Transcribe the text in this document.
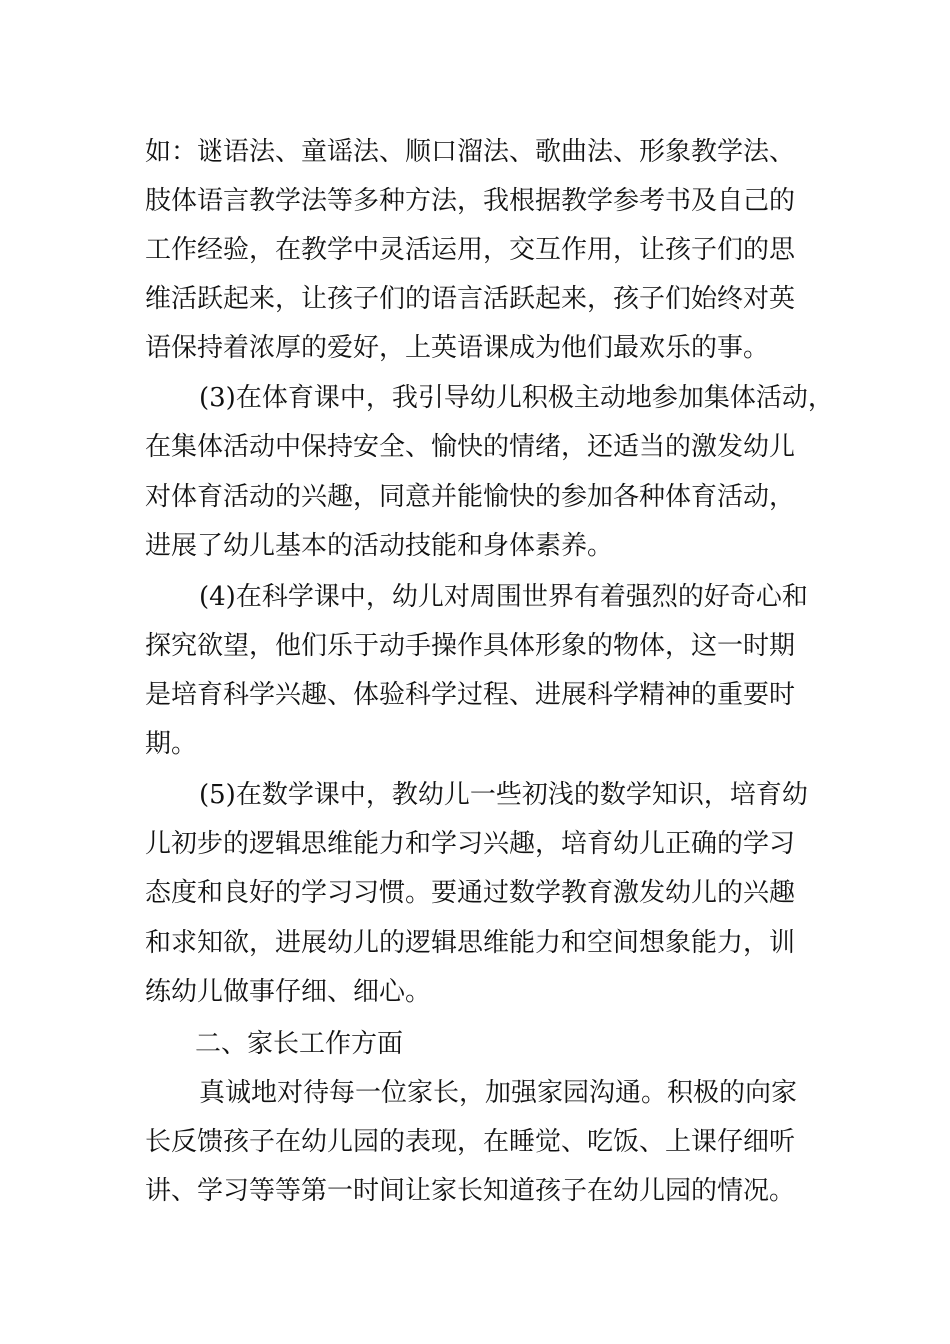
如：谜语法、童谣法、顺口溜法、歌曲法、形象教学法、
肢体语言教学法等多种方法，我根据教学参考书及自己的
工作经验，在教学中灵活运用，交互作用，让孩子们的思
维活跃起来，让孩子们的语言活跃起来，孩子们始终对英
语保持着浓厚的爱好，上英语课成为他们最欢乐的事。
(3)在体育课中，我引导幼儿积极主动地参加集体活动，
在集体活动中保持安全、愉快的情绪，还适当的激发幼儿
对体育活动的兴趣，同意并能愉快的参加各种体育活动，
进展了幼儿基本的活动技能和身体素养。
(4)在科学课中，幼儿对周围世界有着强烈的好奇心和
探究欲望，他们乐于动手操作具体形象的物体，这一时期
是培育科学兴趣、体验科学过程、进展科学精神的重要时
期。
(5)在数学课中，教幼儿一些初浅的数学知识，培育幼
儿初步的逻辑思维能力和学习兴趣，培育幼儿正确的学习
态度和良好的学习习惯。要通过数学教育激发幼儿的兴趣
和求知欲，进展幼儿的逻辑思维能力和空间想象能力，训
练幼儿做事仔细、细心。
二、家长工作方面
真诚地对待每一位家长，加强家园沟通。积极的向家
长反馈孩子在幼儿园的表现，在睡觉、吃饭、上课仔细听
讲、学习等等第一时间让家长知道孩子在幼儿园的情况。
